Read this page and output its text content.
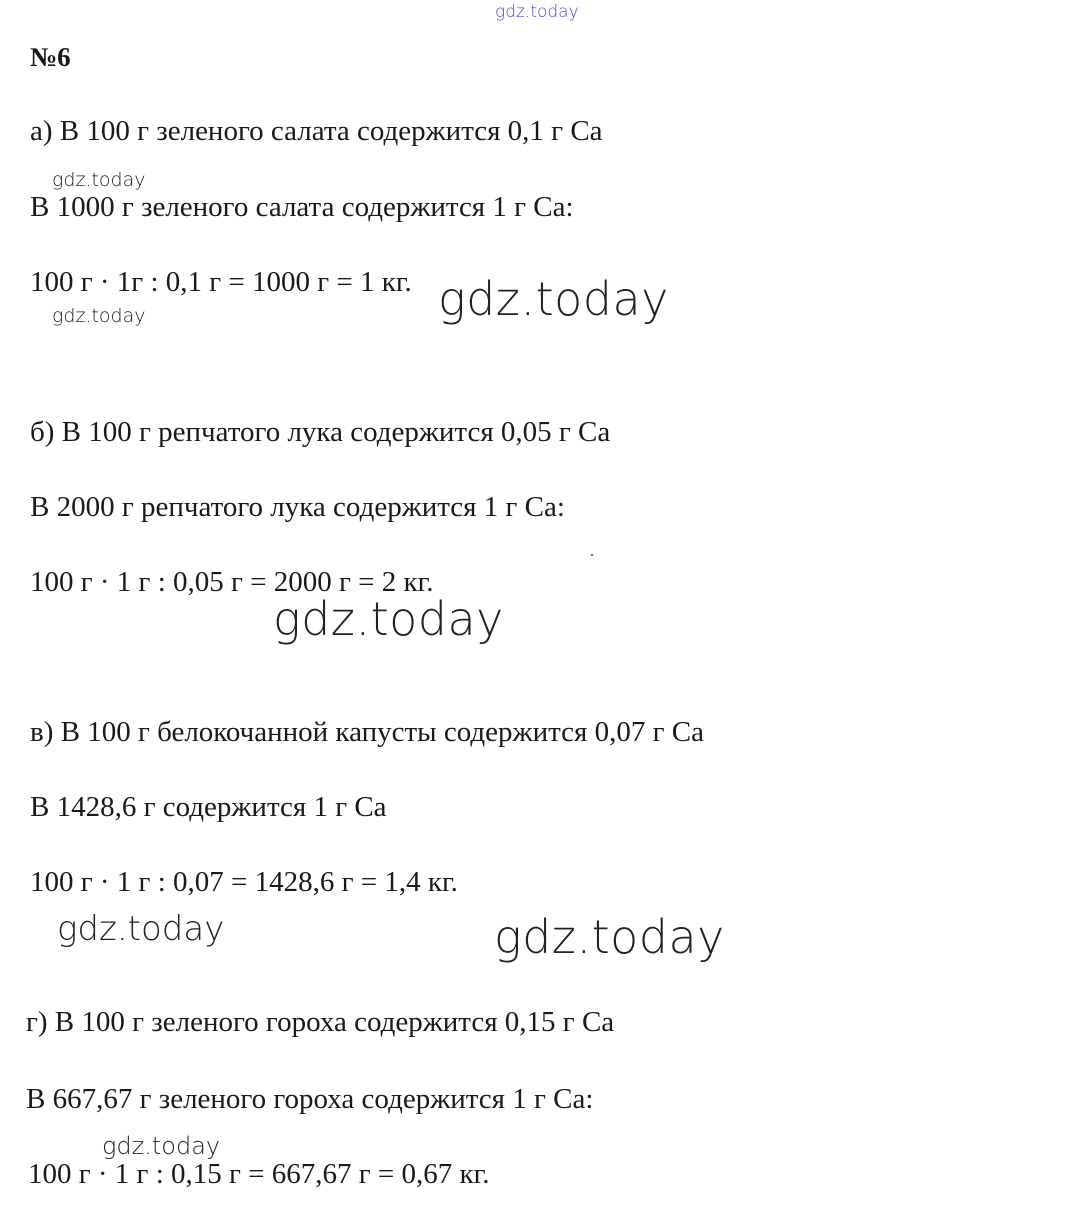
gdz.today
№6
а) В 100 г зеленого салата содержится 0,1 г Ca
gdz.today
В 1000 г зеленого салата содержится 1 г Ca:
100 г · 1г : 0,1 г = 1000 г = 1 кг. gdz.today
gdz.today
б) В 100 г репчатого лука содержится 0,05 г Ca
В 2000 г репчатого лука содержится 1 г Ca:
100 г · 1 г : 0,05 г = 2000 г = 2 кг.
gdz.today
в) В 100 г белокочанной капусты содержится 0,07 г Ca
В 1428,6 г содержится 1 г Ca
100 г · 1 г : 0,07 = 1428,6 г = 1,4 кг.
gdz.today	gdz.today
г) В 100 г зеленого гороха содержится 0,15 г Ca
В 667,67 г зеленого гороха содержится 1 г Ca:
gdz.today
100 г · 1 г : 0,15 г = 667,67 г = 0,67 кг.
